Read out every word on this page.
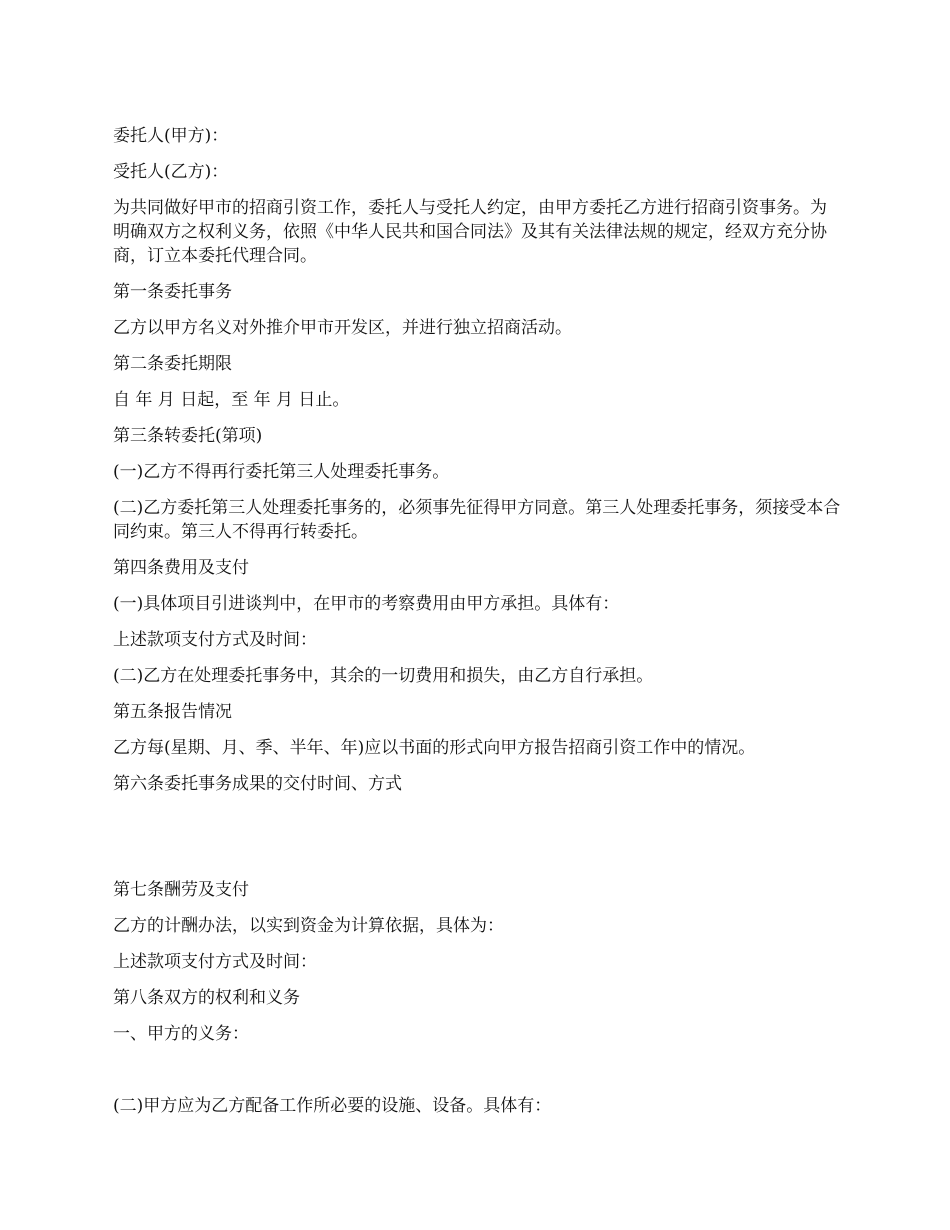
委托人(甲方)：

受托人(乙方)：

为共同做好甲市的招商引资工作，委托人与受托人约定，由甲方委托乙方进行招商引资事务。为明确双方之权利义务，依照《中华人民共和国合同法》及其有关法律法规的规定，经双方充分协商，订立本委托代理合同。

第一条委托事务

乙方以甲方名义对外推介甲市开发区，并进行独立招商活动。

第二条委托期限

自 年 月 日起，至 年 月 日止。

第三条转委托(第项)

(一)乙方不得再行委托第三人处理委托事务。

(二)乙方委托第三人处理委托事务的，必须事先征得甲方同意。第三人处理委托事务，须接受本合同约束。第三人不得再行转委托。

第四条费用及支付

(一)具体项目引进谈判中，在甲市的考察费用由甲方承担。具体有：

上述款项支付方式及时间：

(二)乙方在处理委托事务中，其余的一切费用和损失，由乙方自行承担。

第五条报告情况

乙方每(星期、月、季、半年、年)应以书面的形式向甲方报告招商引资工作中的情况。

第六条委托事务成果的交付时间、方式

第七条酬劳及支付

乙方的计酬办法，以实到资金为计算依据，具体为：

上述款项支付方式及时间：

第八条双方的权利和义务

一、甲方的义务：

(二)甲方应为乙方配备工作所必要的设施、设备。具体有：
